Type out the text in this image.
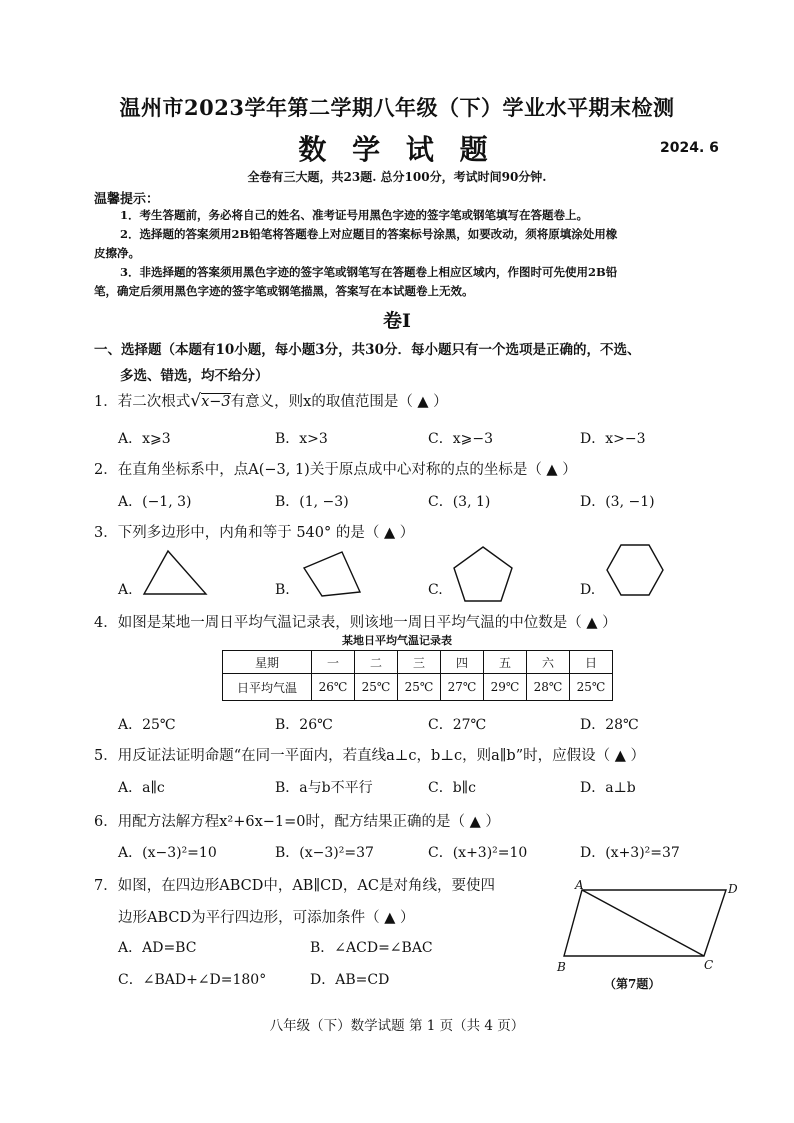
温州市2023学年第二学期八年级（下）学业水平期末检测
数 学 试 题	2024. 6
全卷有三大题，共23题. 总分100分，考试时间90分钟.
温馨提示：
1．考生答题前，务必将自己的姓名、准考证号用黑色字迹的签字笔或钢笔填写在答题卷上。
2．选择题的答案须用2B铅笔将答题卷上对应题目的答案标号涂黑，如要改动，须将原填涂处用橡
皮擦净。
3．非选择题的答案须用黑色字迹的签字笔或钢笔写在答题卷上相应区域内，作图时可先使用2B铅
笔，确定后须用黑色字迹的签字笔或钢笔描黑，答案写在本试题卷上无效。
卷Ⅰ
一、选择题（本题有10小题，每小题3分，共30分．每小题只有一个选项是正确的，不选、
多选、错选，均不给分）
1．若二次根式√x−3有意义，则x的取值范围是（ ▲ ）
A．x⩾3	B．x>3	C．x⩾−3	D．x>−3
2．在直角坐标系中，点A(−3, 1)关于原点成中心对称的点的坐标是（ ▲ ）
A．(−1, 3)	B．(1, −3)	C．(3, 1)	D．(3, −1)
3．下列多边形中，内角和等于 540° 的是（ ▲ ）
A.	B.	C.	D.
4．如图是某地一周日平均气温记录表，则该地一周日平均气温的中位数是（ ▲ ）
某地日平均气温记录表
星期	一	二	三	四	五	六	日
日平均气温	26℃	25℃	25℃	27℃	29℃	28℃	25℃
A．25℃	B．26℃	C．27℃	D．28℃
5．用反证法证明命题“在同一平面内，若直线a⊥c，b⊥c，则a∥b”时，应假设（ ▲ ）
A．a∥c	B．a与b不平行	C．b∥c	D．a⊥b
6．用配方法解方程x²+6x−1=0时，配方结果正确的是（ ▲ ）
A．(x−3)²=10	B．(x−3)²=37	C．(x+3)²=10	D．(x+3)²=37
7．如图，在四边形ABCD中，AB∥CD，AC是对角线，要使四
边形ABCD为平行四边形，可添加条件（ ▲ ）
A．AD=BC	B．∠ACD=∠BAC
C．∠BAD+∠D=180°	D．AB=CD
A	D
B	C
（第7题）
八年级（下）数学试题 第 1 页（共 4 页）
